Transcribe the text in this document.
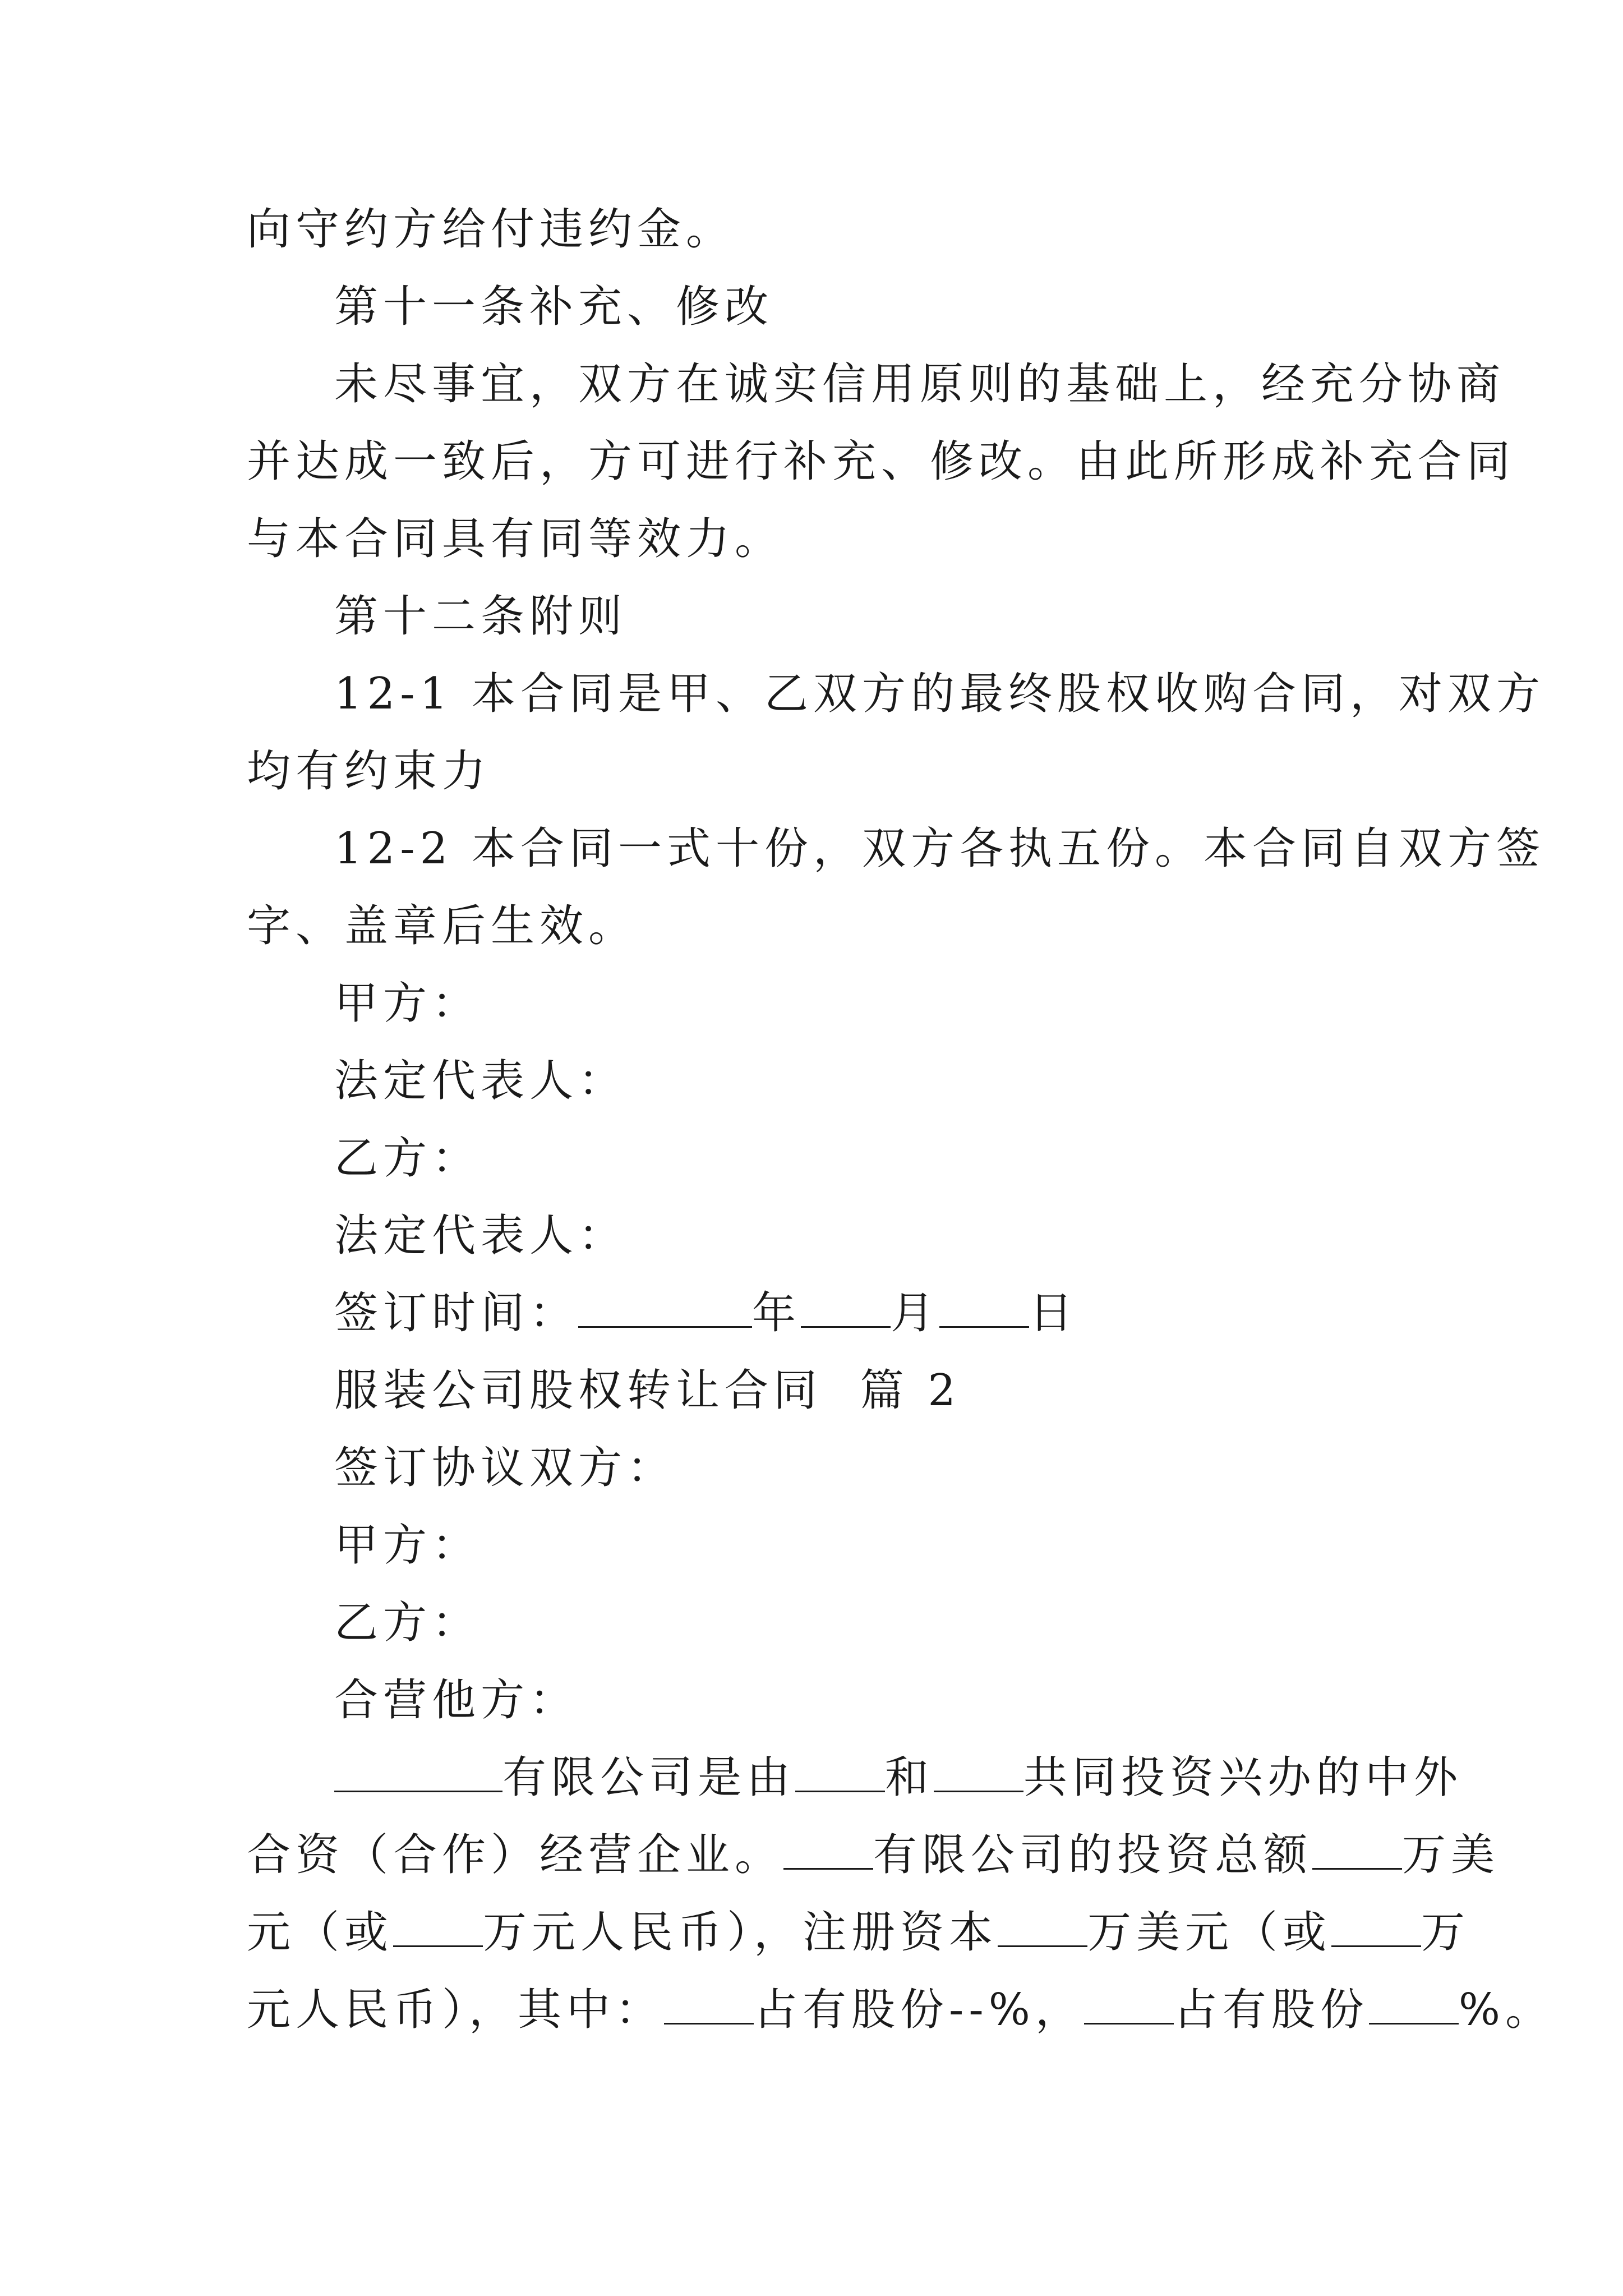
向守约方给付违约金。
第十一条补充、修改
未尽事宜，双方在诚实信用原则的基础上，经充分协商
并达成一致后，方可进行补充、修改。由此所形成补充合同
与本合同具有同等效力。
第十二条附则
12-1 本合同是甲、乙双方的最终股权收购合同，对双方
均有约束力
12-2 本合同一式十份，双方各执五份。本合同自双方签
字、盖章后生效。
甲方：
法定代表人：
乙方：
法定代表人：
签订时间：	年 月 日
服装公司股权转让合同  篇 2
签订协议双方：
甲方：
乙方：
合营他方：
有限公司是由 和 共同投资兴办的中外
合资（合作）经营企业。 有限公司的投资总额 万美
元（或 万元人民币），注册资本 万美元（或 万
元人民币），其中： 占有股份--%， 占有股份 %。
